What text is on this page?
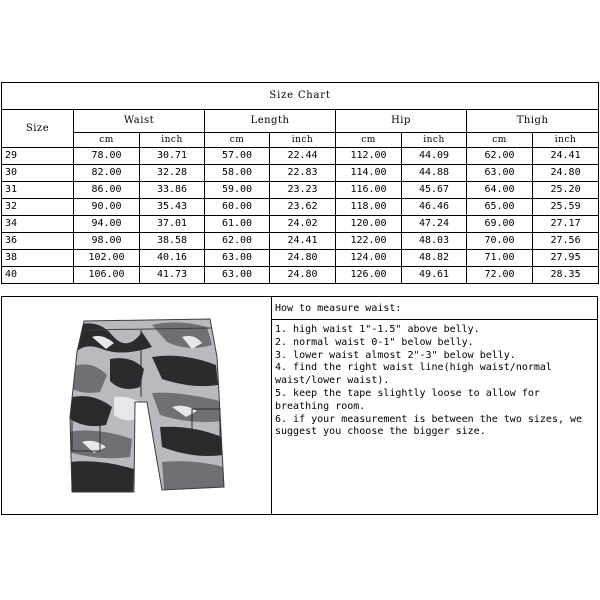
Size Chart								
Size	Waist		Length		Hip		Thigh	
	cm	inch	cm	inch	cm	inch	cm	inch
29	78.00	30.71	57.00	22.44	112.00	44.09	62.00	24.41
30	82.00	32.28	58.00	22.83	114.00	44.88	63.00	24.80
31	86.00	33.86	59.00	23.23	116.00	45.67	64.00	25.20
32	90.00	35.43	60.00	23.62	118.00	46.46	65.00	25.59
34	94.00	37.01	61.00	24.02	120.00	47.24	69.00	27.17
36	98.00	38.58	62.00	24.41	122.00	48.03	70.00	27.56
38	102.00	40.16	63.00	24.80	124.00	48.82	71.00	27.95
40	106.00	41.73	63.00	24.80	126.00	49.61	72.00	28.35
How to measure waist:
1. high waist 1"-1.5" above belly.
2. normal waist 0-1" below belly.
3. lower waist almost 2"-3" below belly.
4. find the right waist line(high waist/normal waist/lower waist).
5. keep the tape slightly loose to allow for breathing room.
6. if your measurement is between the two sizes, we suggest you choose the bigger size.
